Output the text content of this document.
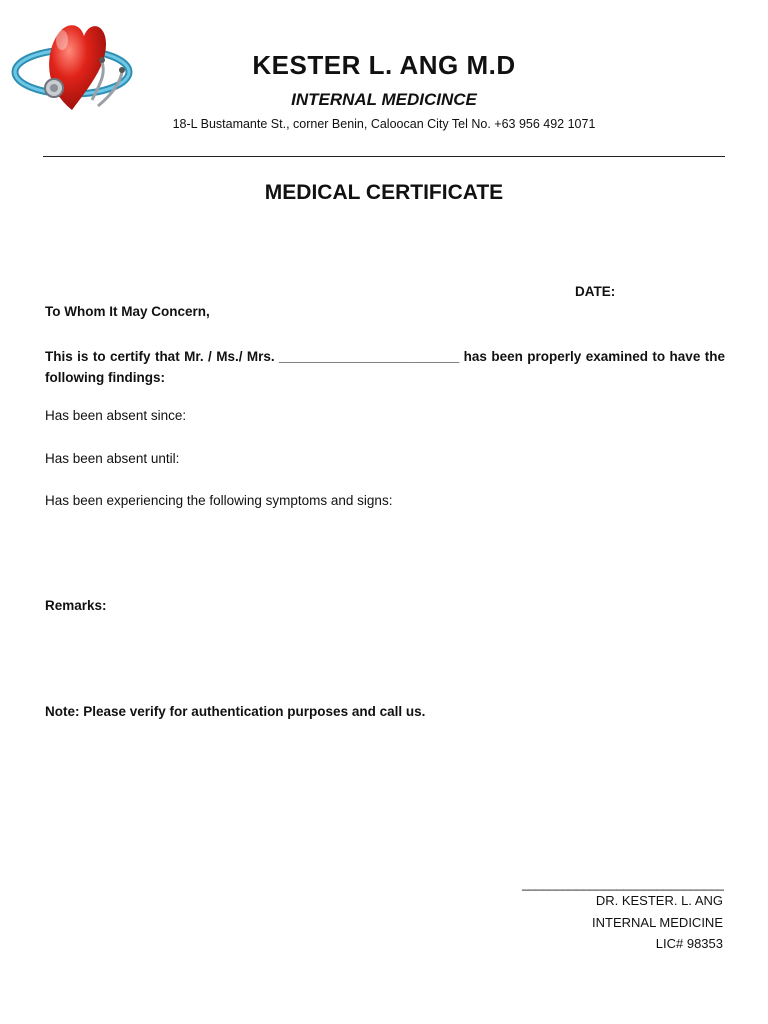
KESTER L. ANG M.D
INTERNAL MEDICINCE
18-L Bustamante St., corner Benin, Caloocan City Tel No. +63 956 492 1071
MEDICAL CERTIFICATE
DATE:
To Whom It May Concern,
This is to certify that Mr. / Ms./ Mrs. ________________________ has been properly examined to have the following findings:
Has been absent since:
Has been absent until:
Has been experiencing the following symptoms and signs:
Remarks:
Note: Please verify for authentication purposes and call us.
______________________________
DR. KESTER. L. ANG
INTERNAL MEDICINE
LIC# 98353
